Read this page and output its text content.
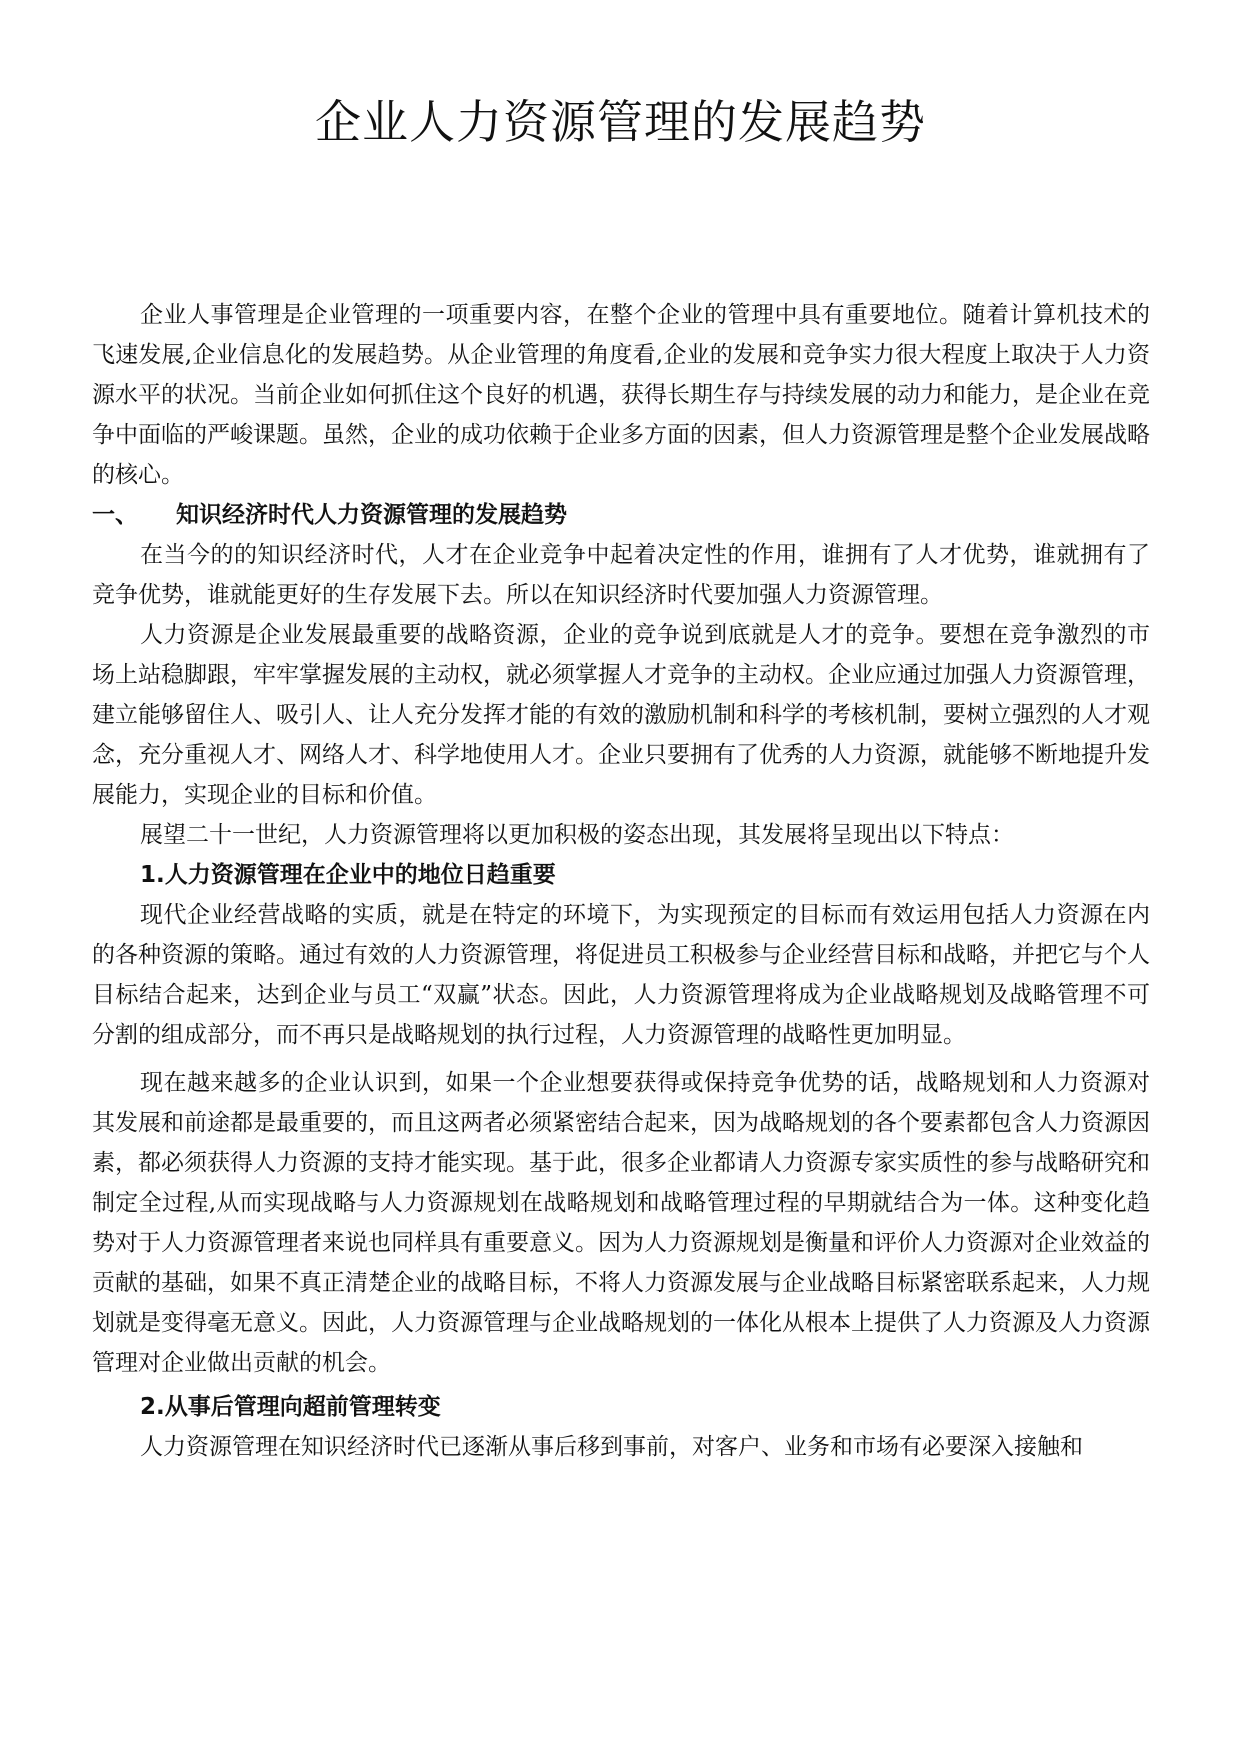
企业人力资源管理的发展趋势

企业人事管理是企业管理的一项重要内容，在整个企业的管理中具有重要地位。随着计算机技术的飞速发展,企业信息化的发展趋势。从企业管理的角度看,企业的发展和竞争实力很大程度上取决于人力资源水平的状况。当前企业如何抓住这个良好的机遇，获得长期生存与持续发展的动力和能力，是企业在竞争中面临的严峻课题。虽然，企业的成功依赖于企业多方面的因素，但人力资源管理是整个企业发展战略的核心。

一、	知识经济时代人力资源管理的发展趋势

在当今的的知识经济时代，人才在企业竞争中起着决定性的作用，谁拥有了人才优势，谁就拥有了竞争优势，谁就能更好的生存发展下去。所以在知识经济时代要加强人力资源管理。

人力资源是企业发展最重要的战略资源，企业的竞争说到底就是人才的竞争。要想在竞争激烈的市场上站稳脚跟，牢牢掌握发展的主动权，就必须掌握人才竞争的主动权。企业应通过加强人力资源管理，建立能够留住人、吸引人、让人充分发挥才能的有效的激励机制和科学的考核机制，要树立强烈的人才观念，充分重视人才、网络人才、科学地使用人才。企业只要拥有了优秀的人力资源，就能够不断地提升发展能力，实现企业的目标和价值。

展望二十一世纪，人力资源管理将以更加积极的姿态出现，其发展将呈现出以下特点：

1.人力资源管理在企业中的地位日趋重要

现代企业经营战略的实质，就是在特定的环境下，为实现预定的目标而有效运用包括人力资源在内的各种资源的策略。通过有效的人力资源管理，将促进员工积极参与企业经营目标和战略，并把它与个人目标结合起来，达到企业与员工“双赢”状态。因此，人力资源管理将成为企业战略规划及战略管理不可分割的组成部分，而不再只是战略规划的执行过程，人力资源管理的战略性更加明显。

现在越来越多的企业认识到，如果一个企业想要获得或保持竞争优势的话，战略规划和人力资源对其发展和前途都是最重要的，而且这两者必须紧密结合起来，因为战略规划的各个要素都包含人力资源因素，都必须获得人力资源的支持才能实现。基于此，很多企业都请人力资源专家实质性的参与战略研究和制定全过程,从而实现战略与人力资源规划在战略规划和战略管理过程的早期就结合为一体。这种变化趋势对于人力资源管理者来说也同样具有重要意义。因为人力资源规划是衡量和评价人力资源对企业效益的贡献的基础，如果不真正清楚企业的战略目标，不将人力资源发展与企业战略目标紧密联系起来，人力规划就是变得毫无意义。因此，人力资源管理与企业战略规划的一体化从根本上提供了人力资源及人力资源管理对企业做出贡献的机会。

2.从事后管理向超前管理转变

人力资源管理在知识经济时代已逐渐从事后移到事前，对客户、业务和市场有必要深入接触和
